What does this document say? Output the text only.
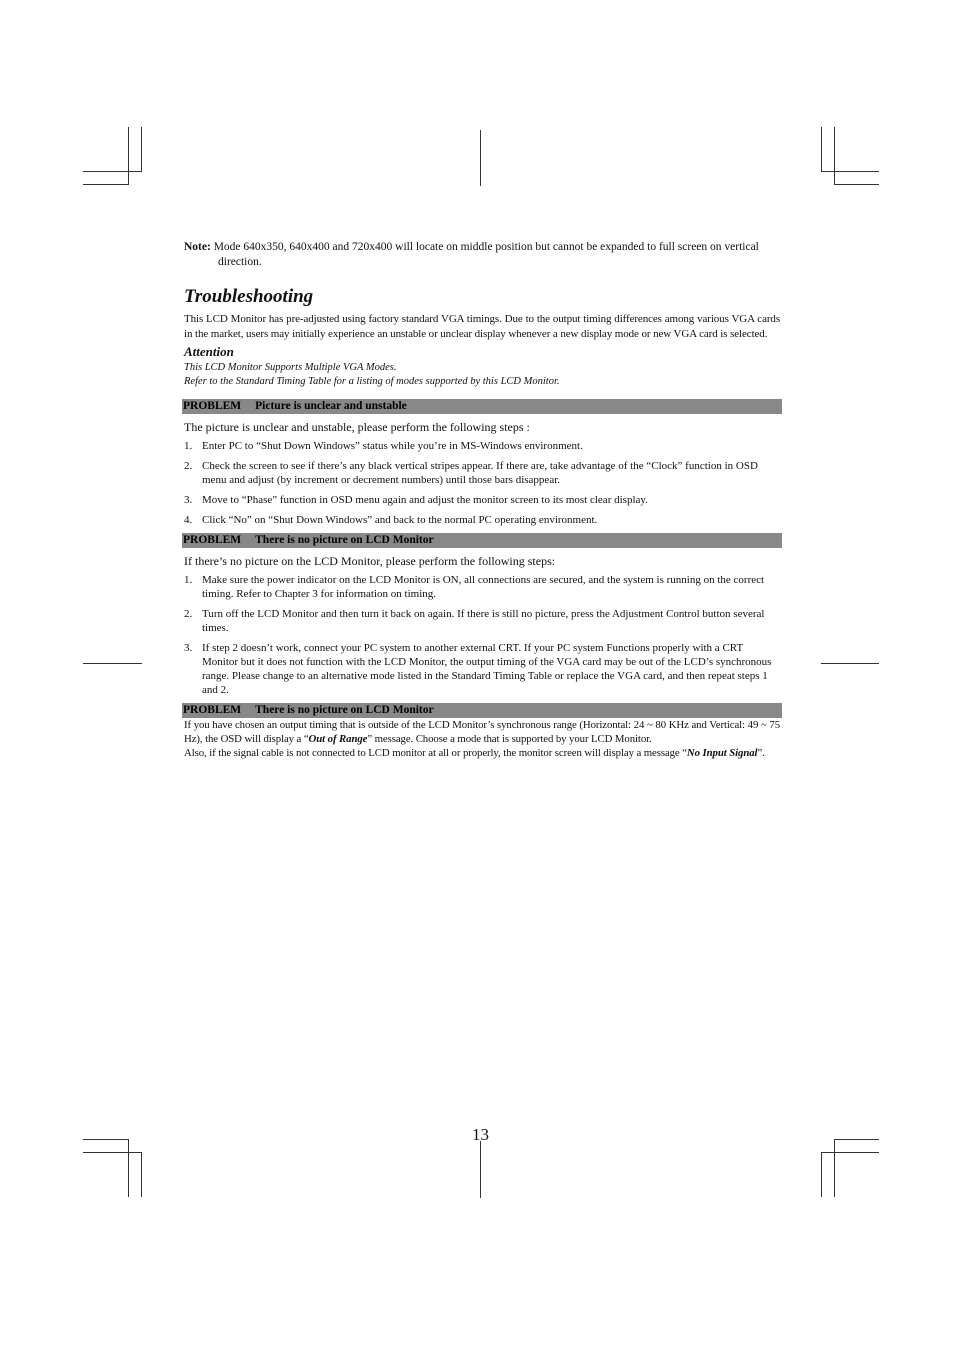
Note: Mode 640x350, 640x400 and 720x400 will locate on middle position but cannot be expanded to full screen on vertical direction.

Troubleshooting

This LCD Monitor has pre-adjusted using factory standard VGA timings. Due to the output timing differences among various VGA cards in the market, users may initially experience an unstable or unclear display whenever a new display mode or new VGA card is selected.

Attention

This LCD Monitor Supports Multiple VGA Modes.

Refer to the Standard Timing Table for a listing of modes supported by this LCD Monitor.

PROBLEM Picture is unclear and unstable

The picture is unclear and unstable, please perform the following steps :

1. Enter PC to “Shut Down Windows” status while you’re in MS-Windows environment.
2. Check the screen to see if there’s any black vertical stripes appear. If there are, take advantage of the “Clock” function in OSD menu and adjust (by increment or decrement numbers) until those bars disappear.
3. Move to “Phase” function in OSD menu again and adjust the monitor screen to its most clear display.
4. Click “No” on “Shut Down Windows” and back to the normal PC operating environment.
PROBLEM There is no picture on LCD Monitor

If there’s no picture on the LCD Monitor, please perform the following steps:

1. Make sure the power indicator on the LCD Monitor is ON, all connections are secured, and the system is running on the correct timing. Refer to Chapter 3 for information on timing.
2. Turn off the LCD Monitor and then turn it back on again. If there is still no picture, press the Adjustment Control button several times.
3. If step 2 doesn’t work, connect your PC system to another external CRT. If your PC system Functions properly with a CRT Monitor but it does not function with the LCD Monitor, the output timing of the VGA card may be out of the LCD’s synchronous range. Please change to an alternative mode listed in the Standard Timing Table or replace the VGA card, and then repeat steps 1 and 2.
PROBLEM There is no picture on LCD Monitor

If you have chosen an output timing that is outside of the LCD Monitor’s synchronous range (Horizontal: 24 ~ 80 KHz and Vertical: 49 ~ 75 Hz), the OSD will display a “Out of Range” message. Choose a mode that is supported by your LCD Monitor.

Also, if the signal cable is not connected to LCD monitor at all or properly, the monitor screen will display a message “No Input Signal”.

13
